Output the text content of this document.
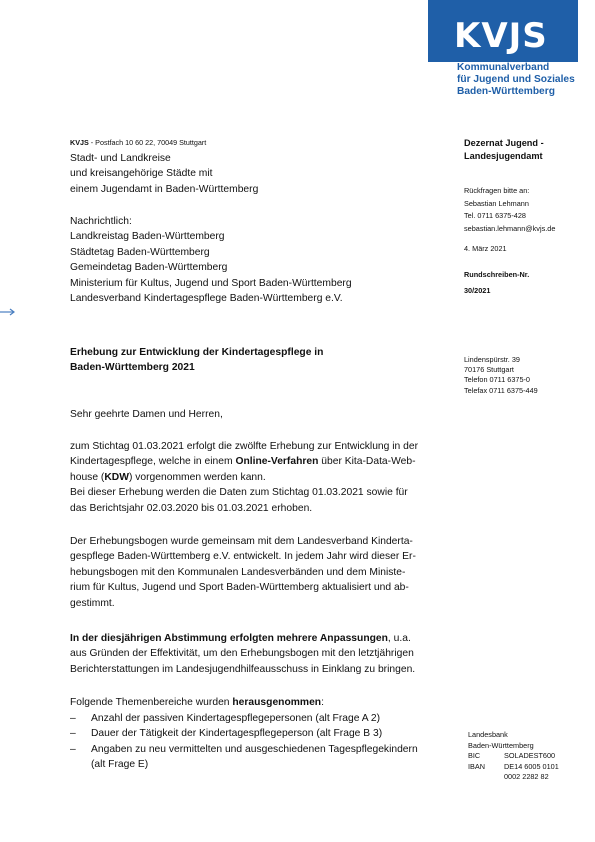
KVJS
Kommunalverband
für Jugend und Soziales
Baden-Württemberg
KVJS - Postfach 10 60 22, 70049 Stuttgart
Stadt- und Landkreise
und kreisangehörige Städte mit
einem Jugendamt in Baden-Württemberg
Nachrichtlich:
Landkreistag Baden-Württemberg
Städtetag Baden-Württemberg
Gemeindetag Baden-Württemberg
Ministerium für Kultus, Jugend und Sport Baden-Württemberg
Landesverband Kindertagespflege Baden-Württemberg e.V.
Dezernat Jugend -
Landesjugendamt
Rückfragen bitte an:
Sebastian Lehmann
Tel. 0711 6375-428
sebastian.lehmann@kvjs.de
4. März 2021
Rundschreiben-Nr.
30/2021
Lindenspürstr. 39
70176 Stuttgart
Telefon 0711 6375-0
Telefax 0711 6375-449
Landesbank
Baden-Württemberg
BIC	SOLADEST600
IBAN	DE14 6005 0101
0002 2282 82
Erhebung zur Entwicklung der Kindertagespflege in
Baden-Württemberg 2021
Sehr geehrte Damen und Herren,
zum Stichtag 01.03.2021 erfolgt die zwölfte Erhebung zur Entwicklung in der
Kindertagespflege, welche in einem Online-Verfahren über Kita-Data-Web-
house (KDW) vorgenommen werden kann.
Bei dieser Erhebung werden die Daten zum Stichtag 01.03.2021 sowie für
das Berichtsjahr 02.03.2020 bis 01.03.2021 erhoben.
Der Erhebungsbogen wurde gemeinsam mit dem Landesverband Kinderta-
gespflege Baden-Württemberg e.V. entwickelt. In jedem Jahr wird dieser Er-
hebungsbogen mit den Kommunalen Landesverbänden und dem Ministe-
rium für Kultus, Jugend und Sport Baden-Württemberg aktualisiert und ab-
gestimmt.
In der diesjährigen Abstimmung erfolgten mehrere Anpassungen, u.a.
aus Gründen der Effektivität, um den Erhebungsbogen mit den letztjährigen
Berichterstattungen im Landesjugendhilfeausschuss in Einklang zu bringen.
Folgende Themenbereiche wurden herausgenommen:
–	Anzahl der passiven Kindertagespflegepersonen (alt Frage A 2)
–	Dauer der Tätigkeit der Kindertagespflegeperson (alt Frage B 3)
–	Angaben zu neu vermittelten und ausgeschiedenen Tagespflegekindern
(alt Frage E)
